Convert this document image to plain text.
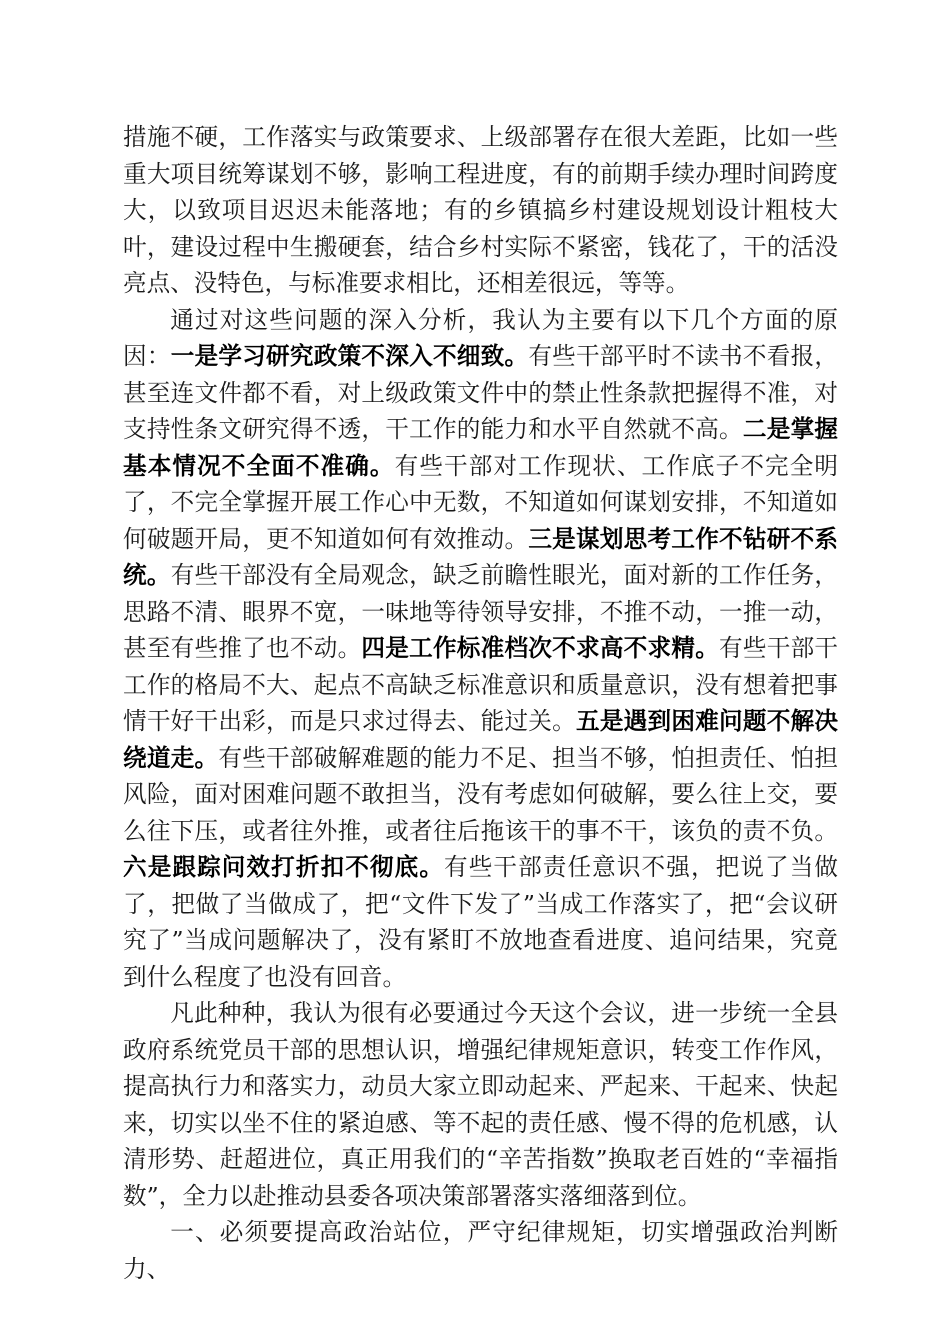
措施不硬，工作落实与政策要求、上级部署存在很大差距，比如一些重大项目统筹谋划不够，影响工程进度，有的前期手续办理时间跨度大，以致项目迟迟未能落地；有的乡镇搞乡村建设规划设计粗枝大叶，建设过程中生搬硬套，结合乡村实际不紧密，钱花了，干的活没亮点、没特色，与标准要求相比，还相差很远，等等。

通过对这些问题的深入分析，我认为主要有以下几个方面的原因：一是学习研究政策不深入不细致。有些干部平时不读书不看报，甚至连文件都不看，对上级政策文件中的禁止性条款把握得不准，对支持性条文研究得不透，干工作的能力和水平自然就不高。二是掌握基本情况不全面不准确。有些干部对工作现状、工作底子不完全明了，不完全掌握开展工作心中无数，不知道如何谋划安排，不知道如何破题开局，更不知道如何有效推动。三是谋划思考工作不钻研不系统。有些干部没有全局观念，缺乏前瞻性眼光，面对新的工作任务，思路不清、眼界不宽，一味地等待领导安排，不推不动，一推一动，甚至有些推了也不动。四是工作标准档次不求高不求精。有些干部干工作的格局不大、起点不高缺乏标准意识和质量意识，没有想着把事情干好干出彩，而是只求过得去、能过关。五是遇到困难问题不解决绕道走。有些干部破解难题的能力不足、担当不够，怕担责任、怕担风险，面对困难问题不敢担当，没有考虑如何破解，要么往上交，要么往下压，或者往外推，或者往后拖该干的事不干，该负的责不负。六是跟踪问效打折扣不彻底。有些干部责任意识不强，把说了当做了，把做了当做成了，把“文件下发了”当成工作落实了，把“会议研究了”当成问题解决了，没有紧盯不放地查看进度、追问结果，究竟到什么程度了也没有回音。

凡此种种，我认为很有必要通过今天这个会议，进一步统一全县政府系统党员干部的思想认识，增强纪律规矩意识，转变工作作风，提高执行力和落实力，动员大家立即动起来、严起来、干起来、快起来，切实以坐不住的紧迫感、等不起的责任感、慢不得的危机感，认清形势、赶超进位，真正用我们的“辛苦指数”换取老百姓的“幸福指数”，全力以赴推动县委各项决策部署落实落细落到位。

一、必须要提高政治站位，严守纪律规矩，切实增强政治判断力、
